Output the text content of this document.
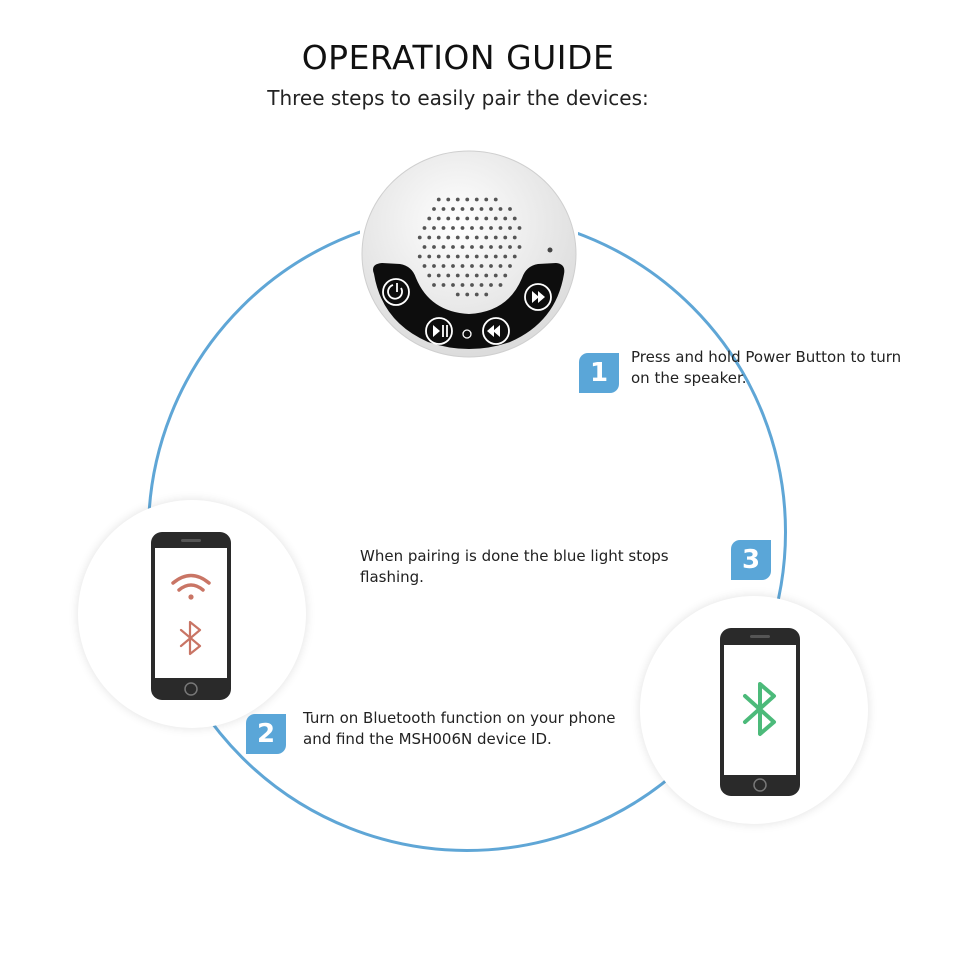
OPERATION GUIDE
Three steps to easily pair the devices:
1
Press and hold Power Button to turn on the speaker.
2
Turn on Bluetooth function on your phone and find the MSH006N device ID.
3
When pairing is done the blue light stops flashing.
